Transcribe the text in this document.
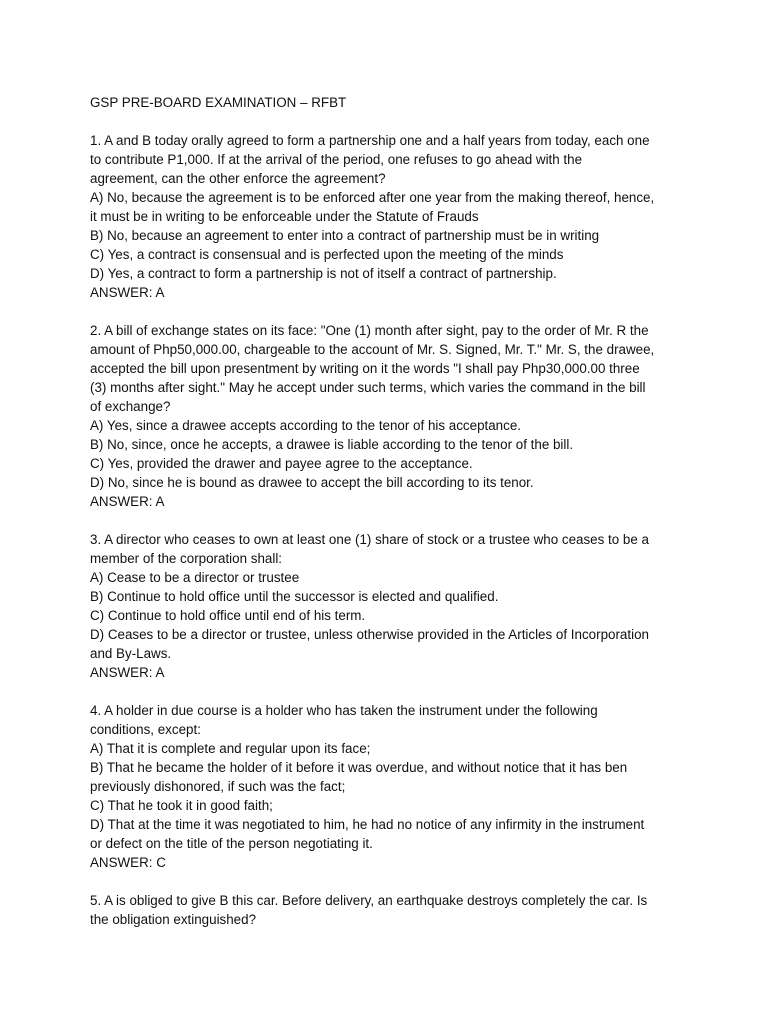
GSP PRE-BOARD EXAMINATION – RFBT
1. A and B today orally agreed to form a partnership one and a half years from today, each one
to contribute P1,000. If at the arrival of the period, one refuses to go ahead with the
agreement, can the other enforce the agreement?
A) No, because the agreement is to be enforced after one year from the making thereof, hence,
it must be in writing to be enforceable under the Statute of Frauds
B) No, because an agreement to enter into a contract of partnership must be in writing
C) Yes, a contract is consensual and is perfected upon the meeting of the minds
D) Yes, a contract to form a partnership is not of itself a contract of partnership.
ANSWER: A
2. A bill of exchange states on its face: "One (1) month after sight, pay to the order of Mr. R the
amount of Php50,000.00, chargeable to the account of Mr. S. Signed, Mr. T." Mr. S, the drawee,
accepted the bill upon presentment by writing on it the words "I shall pay Php30,000.00 three
(3) months after sight." May he accept under such terms, which varies the command in the bill
of exchange?
A) Yes, since a drawee accepts according to the tenor of his acceptance.
B) No, since, once he accepts, a drawee is liable according to the tenor of the bill.
C) Yes, provided the drawer and payee agree to the acceptance.
D) No, since he is bound as drawee to accept the bill according to its tenor.
ANSWER: A
3. A director who ceases to own at least one (1) share of stock or a trustee who ceases to be a
member of the corporation shall:
A) Cease to be a director or trustee
B) Continue to hold office until the successor is elected and qualified.
C) Continue to hold office until end of his term.
D) Ceases to be a director or trustee, unless otherwise provided in the Articles of Incorporation
and By-Laws.
ANSWER: A
4. A holder in due course is a holder who has taken the instrument under the following
conditions, except:
A) That it is complete and regular upon its face;
B) That he became the holder of it before it was overdue, and without notice that it has ben
previously dishonored, if such was the fact;
C) That he took it in good faith;
D) That at the time it was negotiated to him, he had no notice of any infirmity in the instrument
or defect on the title of the person negotiating it.
ANSWER: C
5. A is obliged to give B this car. Before delivery, an earthquake destroys completely the car. Is
the obligation extinguished?
